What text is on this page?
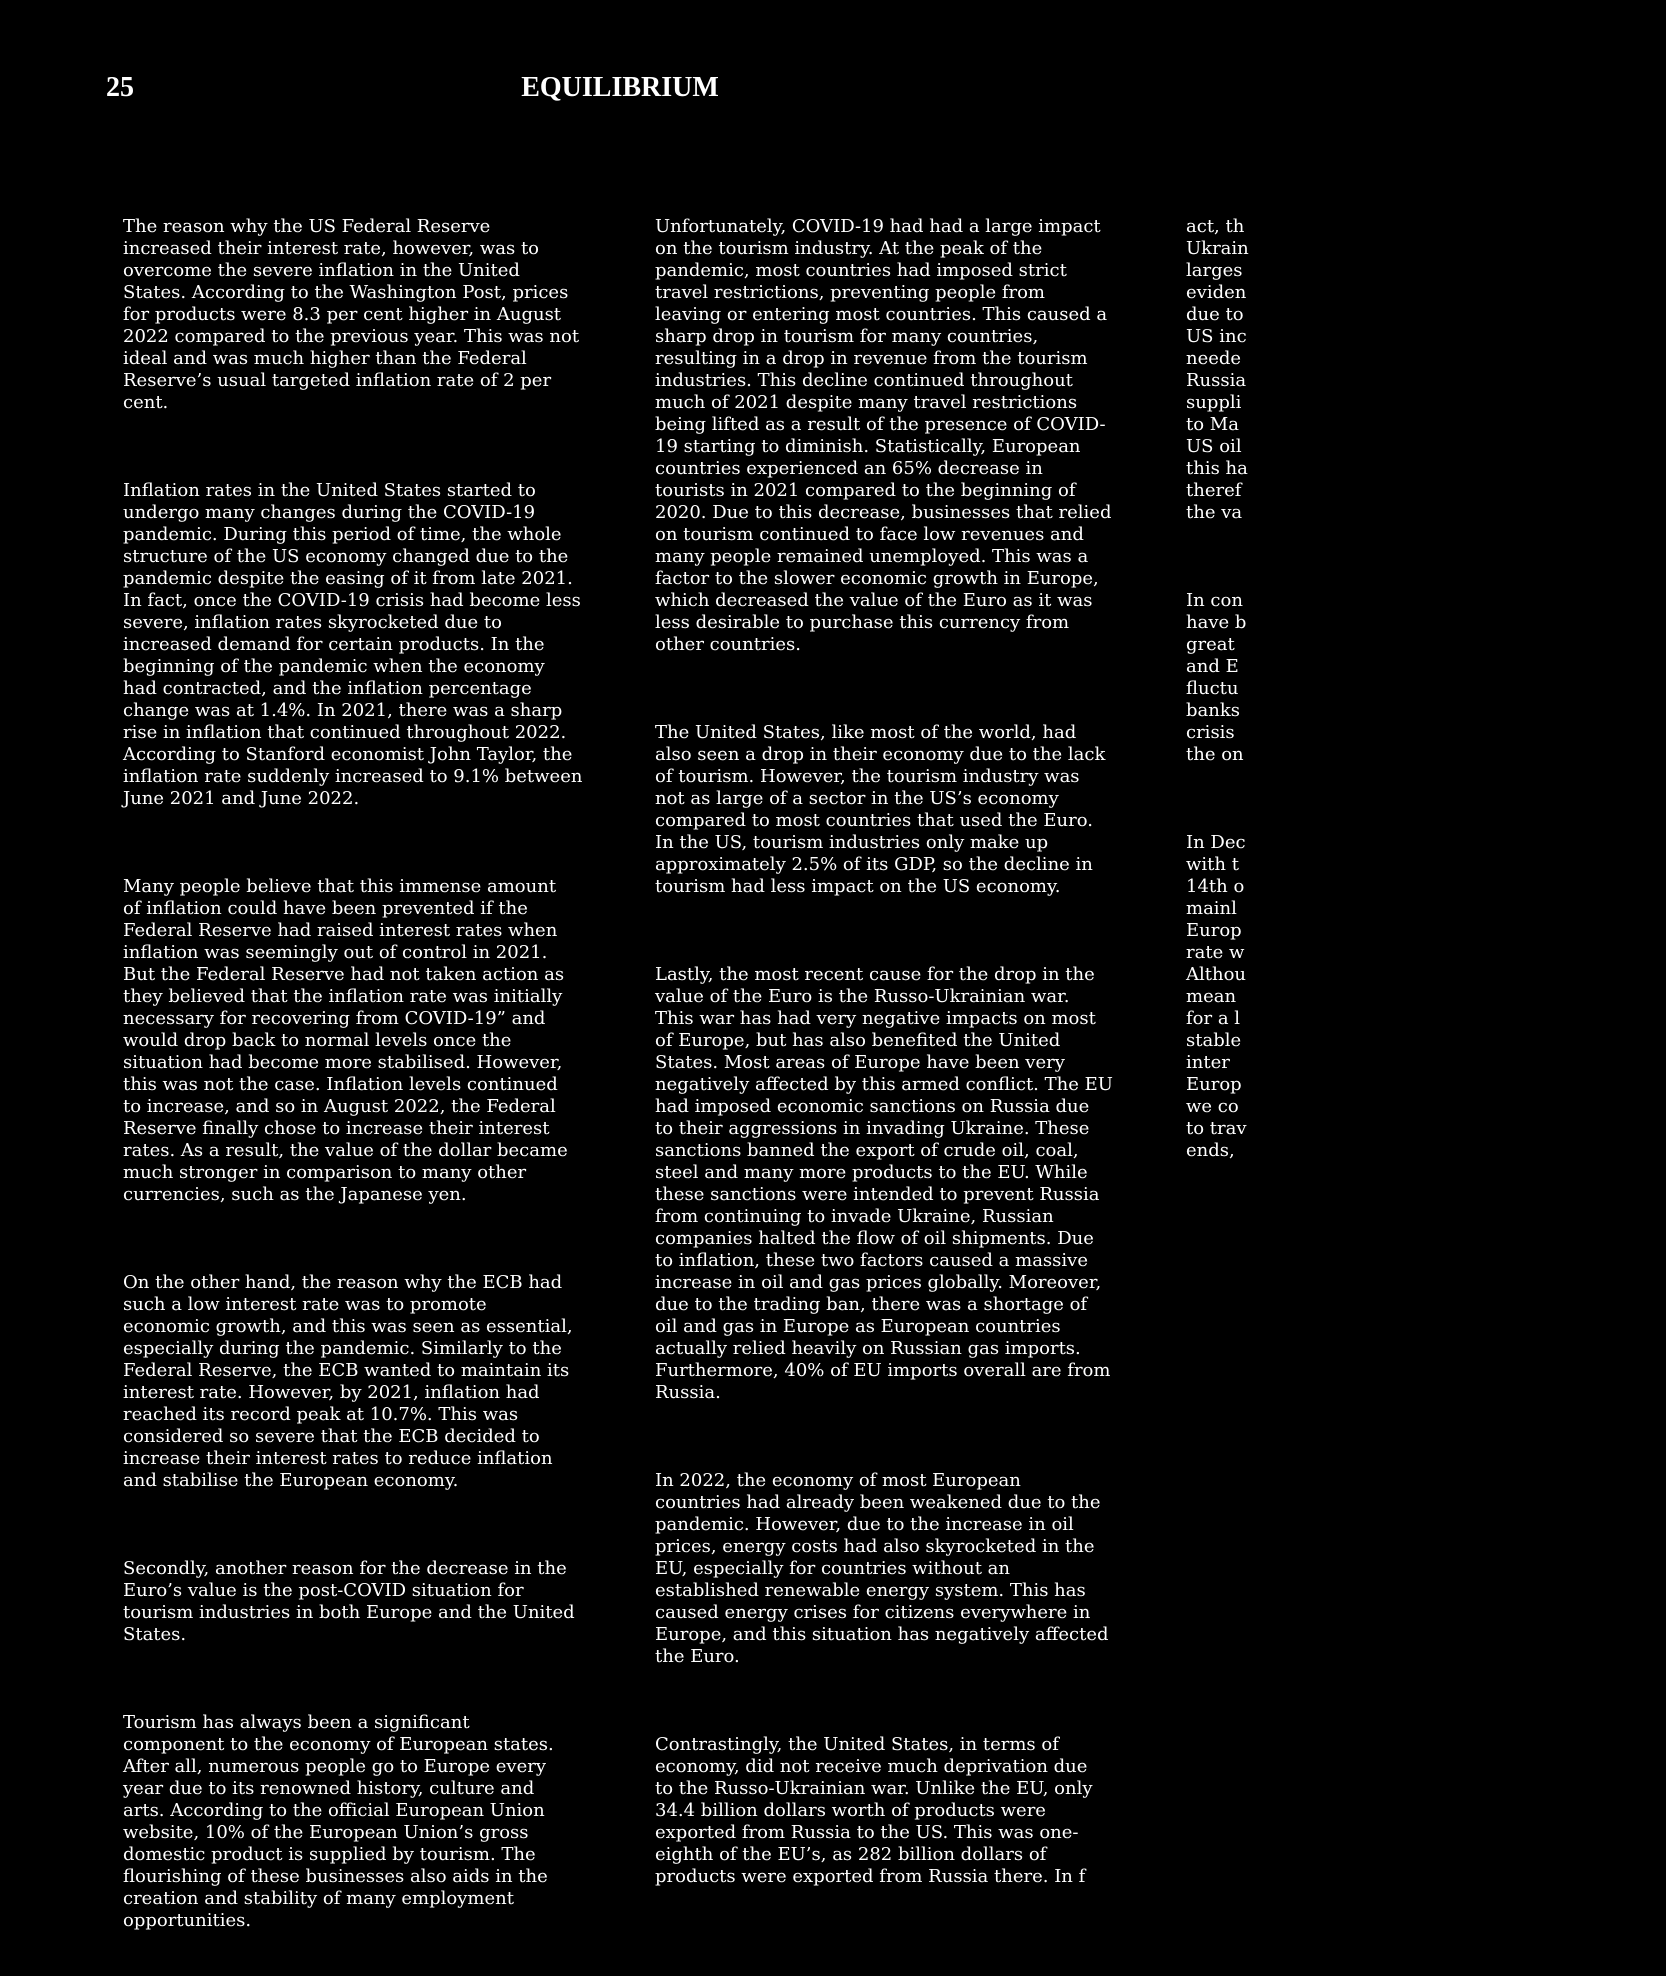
25	EQUILIBRIUM

The reason why the US Federal Reserve
increased their interest rate, however, was to
overcome the severe inflation in the United
States. According to the Washington Post, prices
for products were 8.3 per cent higher in August
2022 compared to the previous year. This was not
ideal and was much higher than the Federal
Reserve’s usual targeted inflation rate of 2 per
cent.

Inflation rates in the United States started to
undergo many changes during the COVID-19
pandemic. During this period of time, the whole
structure of the US economy changed due to the
pandemic despite the easing of it from late 2021.
In fact, once the COVID-19 crisis had become less
severe, inflation rates skyrocketed due to
increased demand for certain products. In the
beginning of the pandemic when the economy
had contracted, and the inflation percentage
change was at 1.4%. In 2021, there was a sharp
rise in inflation that continued throughout 2022.
According to Stanford economist John Taylor, the
inflation rate suddenly increased to 9.1% between
June 2021 and June 2022.

Many people believe that this immense amount
of inflation could have been prevented if the
Federal Reserve had raised interest rates when
inflation was seemingly out of control in 2021.
But the Federal Reserve had not taken action as
they believed that the inflation rate was initially
necessary for recovering from COVID-19” and
would drop back to normal levels once the
situation had become more stabilised. However,
this was not the case. Inflation levels continued
to increase, and so in August 2022, the Federal
Reserve finally chose to increase their interest
rates. As a result, the value of the dollar became
much stronger in comparison to many other
currencies, such as the Japanese yen.

On the other hand, the reason why the ECB had
such a low interest rate was to promote
economic growth, and this was seen as essential,
especially during the pandemic. Similarly to the
Federal Reserve, the ECB wanted to maintain its
interest rate. However, by 2021, inflation had
reached its record peak at 10.7%. This was
considered so severe that the ECB decided to
increase their interest rates to reduce inflation
and stabilise the European economy.

Secondly, another reason for the decrease in the
Euro’s value is the post-COVID situation for
tourism industries in both Europe and the United
States.

Tourism has always been a significant
component to the economy of European states.
After all, numerous people go to Europe every
year due to its renowned history, culture and
arts. According to the official European Union
website, 10% of the European Union’s gross
domestic product is supplied by tourism. The
flourishing of these businesses also aids in the
creation and stability of many employment
opportunities.

Unfortunately, COVID-19 had had a large impact
on the tourism industry. At the peak of the
pandemic, most countries had imposed strict
travel restrictions, preventing people from
leaving or entering most countries. This caused a
sharp drop in tourism for many countries,
resulting in a drop in revenue from the tourism
industries. This decline continued throughout
much of 2021 despite many travel restrictions
being lifted as a result of the presence of COVID-
19 starting to diminish. Statistically, European
countries experienced an 65% decrease in
tourists in 2021 compared to the beginning of
2020. Due to this decrease, businesses that relied
on tourism continued to face low revenues and
many people remained unemployed. This was a
factor to the slower economic growth in Europe,
which decreased the value of the Euro as it was
less desirable to purchase this currency from
other countries.

The United States, like most of the world, had
also seen a drop in their economy due to the lack
of tourism. However, the tourism industry was
not as large of a sector in the US’s economy
compared to most countries that used the Euro.
In the US, tourism industries only make up
approximately 2.5% of its GDP, so the decline in
tourism had less impact on the US economy.

Lastly, the most recent cause for the drop in the
value of the Euro is the Russo-Ukrainian war.
This war has had very negative impacts on most
of Europe, but has also benefited the United
States. Most areas of Europe have been very
negatively affected by this armed conflict. The EU
had imposed economic sanctions on Russia due
to their aggressions in invading Ukraine. These
sanctions banned the export of crude oil, coal,
steel and many more products to the EU. While
these sanctions were intended to prevent Russia
from continuing to invade Ukraine, Russian
companies halted the flow of oil shipments. Due
to inflation, these two factors caused a massive
increase in oil and gas prices globally. Moreover,
due to the trading ban, there was a shortage of
oil and gas in Europe as European countries
actually relied heavily on Russian gas imports.
Furthermore, 40% of EU imports overall are from
Russia.

In 2022, the economy of most European
countries had already been weakened due to the
pandemic. However, due to the increase in oil
prices, energy costs had also skyrocketed in the
EU, especially for countries without an
established renewable energy system. This has
caused energy crises for citizens everywhere in
Europe, and this situation has negatively affected
the Euro.

Contrastingly, the United States, in terms of
economy, did not receive much deprivation due
to the Russo-Ukrainian war. Unlike the EU, only
34.4 billion dollars worth of products were
exported from Russia to the US. This was one-
eighth of the EU’s, as 282 billion dollars of
products were exported from Russia there. In f

act, th
Ukrain
larges
eviden
due to
US inc
neede
Russia
suppli
to Ma
US oil
this ha
theref
the va

In con
have b
great
and E
fluctu
banks
crisis
the on

In Dec
with t
14th o
mainl
Europ
rate w
Althou
mean
for a l
stable
inter
Europ
we co
to trav
ends,
